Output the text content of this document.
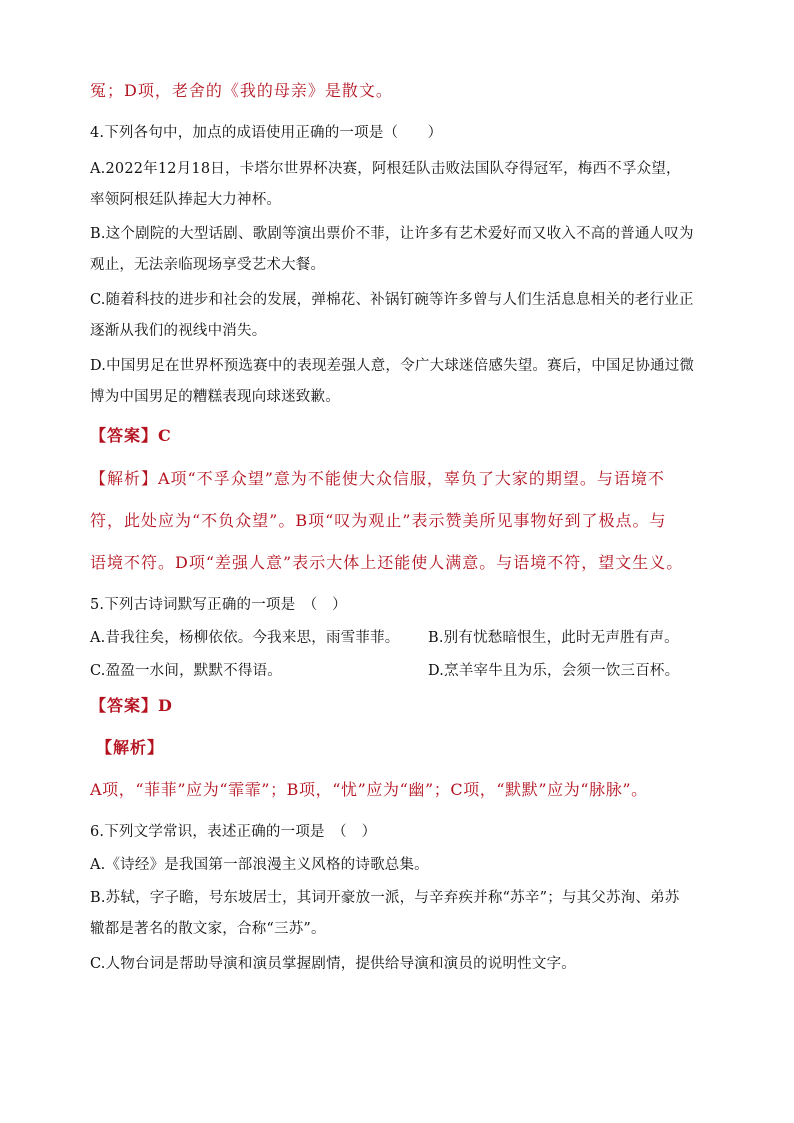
冤；D项，老舍的《我的母亲》是散文。
4.下列各句中，加点的成语使用正确的一项是（　　）
A.2022年12月18日，卡塔尔世界杯决赛，阿根廷队击败法国队夺得冠军，梅西不孚众望，
率领阿根廷队捧起大力神杯。
B.这个剧院的大型话剧、歌剧等演出票价不菲，让许多有艺术爱好而又收入不高的普通人叹为
观止，无法亲临现场享受艺术大餐。
C.随着科技的进步和社会的发展，弹棉花、补锅钉碗等许多曾与人们生活息息相关的老行业正
逐渐从我们的视线中消失。
D.中国男足在世界杯预选赛中的表现差强人意，令广大球迷倍感失望。赛后，中国足协通过微
博为中国男足的糟糕表现向球迷致歉。
【答案】C
【解析】A项“不孚众望”意为不能使大众信服，辜负了大家的期望。与语境不
符，此处应为“不负众望”。B项“叹为观止”表示赞美所见事物好到了极点。与
语境不符。D项“差强人意”表示大体上还能使人满意。与语境不符，望文生义。
5.下列古诗词默写正确的一项是　（　）
A.昔我往矣，杨柳依依。今我来思，雨雪菲菲。 B.别有忧愁暗恨生，此时无声胜有声。
C.盈盈一水间，默默不得语。	D.烹羊宰牛且为乐，会须一饮三百杯。
【答案】D
【解析】
A项，“菲菲”应为“霏霏”；B项，“忧”应为“幽”；C项，“默默”应为“脉脉”。
6.下列文学常识，表述正确的一项是　（　）
A.《诗经》是我国第一部浪漫主义风格的诗歌总集。
B.苏轼，字子瞻，号东坡居士，其词开豪放一派，与辛弃疾并称“苏辛”；与其父苏洵、弟苏
辙都是著名的散文家，合称“三苏”。
C.人物台词是帮助导演和演员掌握剧情，提供给导演和演员的说明性文字。
